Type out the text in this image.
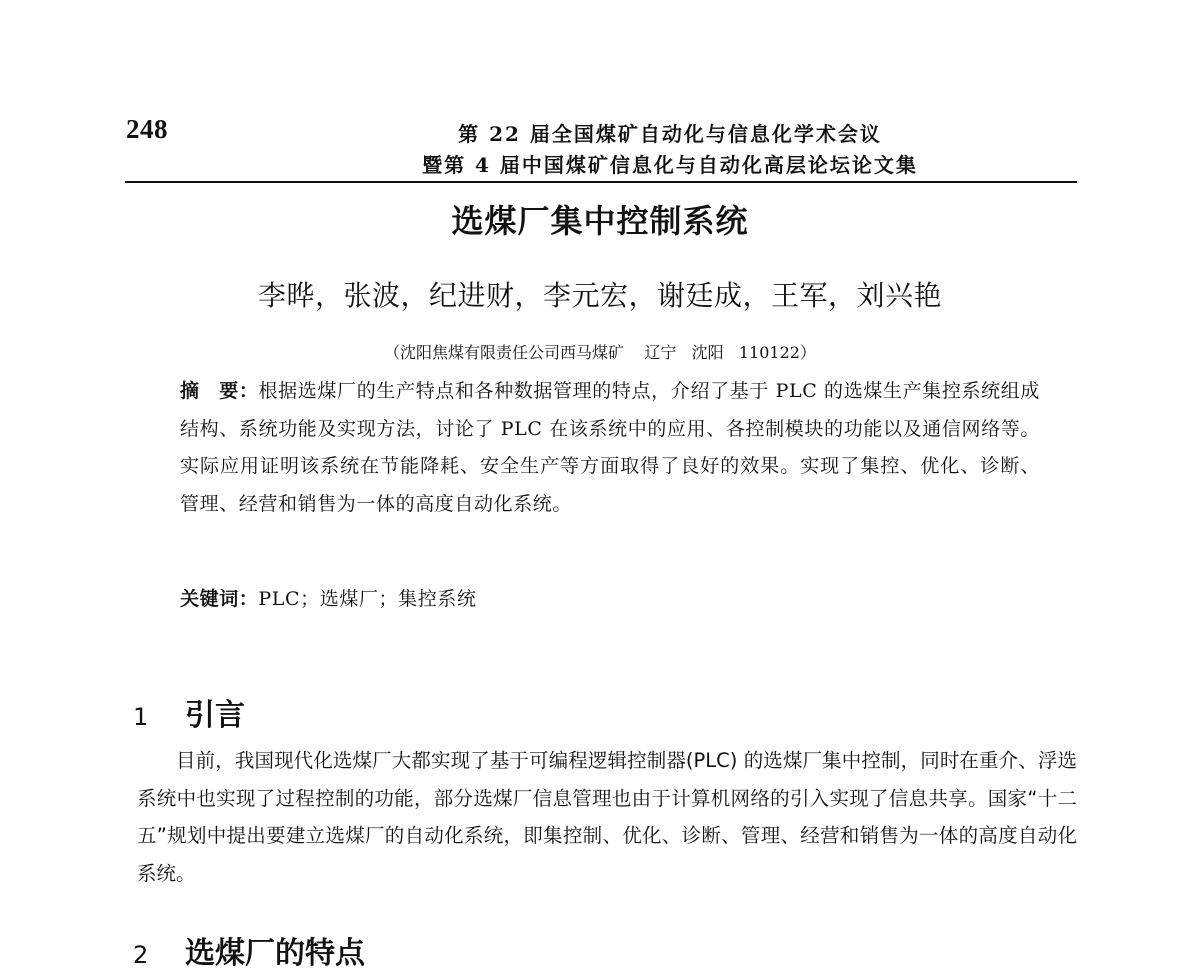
248	第 22 届全国煤矿自动化与信息化学术会议
暨第 4 届中国煤矿信息化与自动化高层论坛论文集
选煤厂集中控制系统
李晔，张波，纪进财，李元宏，谢廷成，王军，刘兴艳
（沈阳焦煤有限责任公司西马煤矿    辽宁   沈阳   110122）
摘　要：根据选煤厂的生产特点和各种数据管理的特点，介绍了基于 PLC 的选煤生产集控系统组成结构、系统功能及实现方法，讨论了 PLC 在该系统中的应用、各控制模块的功能以及通信网络等。实际应用证明该系统在节能降耗、安全生产等方面取得了良好的效果。实现了集控、优化、诊断、管理、经营和销售为一体的高度自动化系统。
关键词：PLC；选煤厂；集控系统
1 引言
目前，我国现代化选煤厂大都实现了基于可编程逻辑控制器(PLC) 的选煤厂集中控制，同时在重介、浮选系统中也实现了过程控制的功能，部分选煤厂信息管理也由于计算机网络的引入实现了信息共享。国家“十二五”规划中提出要建立选煤厂的自动化系统，即集控制、优化、诊断、管理、经营和销售为一体的高度自动化系统。
2 选煤厂的特点
